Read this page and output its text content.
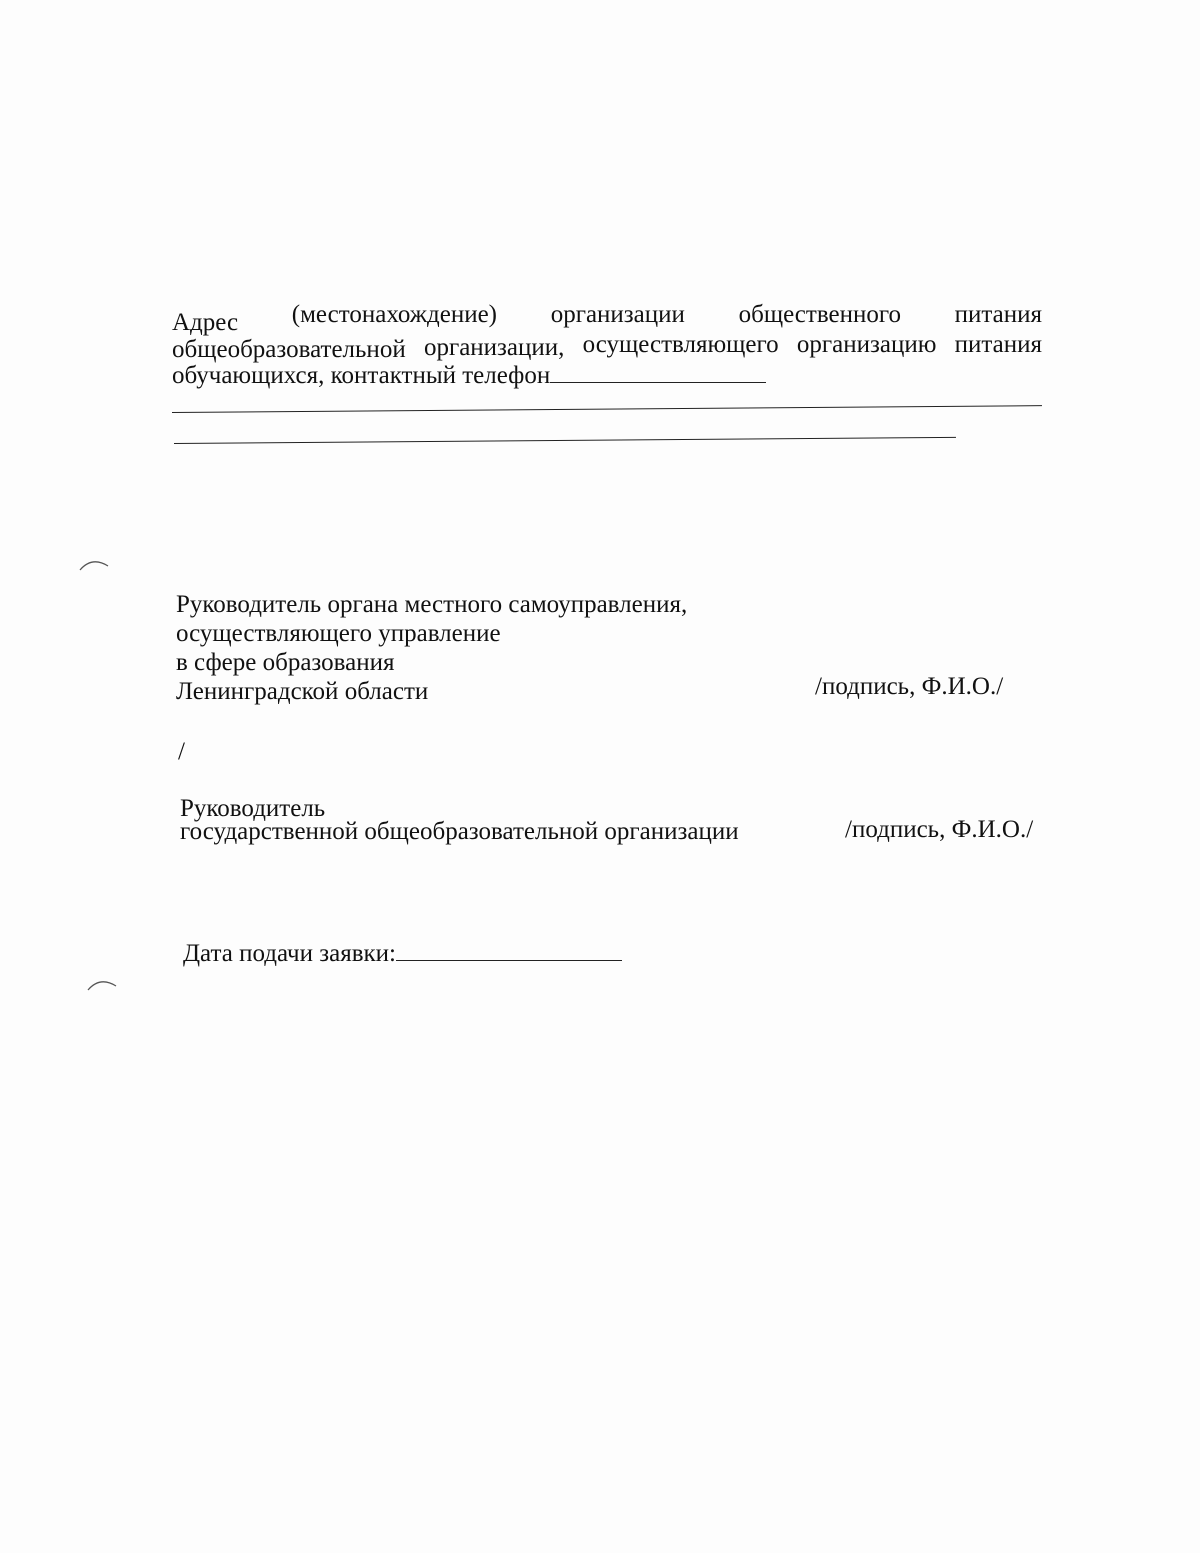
Адрес (местонахождение) организации общественного питания
общеобразовательной организации, осуществляющего организацию питания
обучающихся, контактный телефон
Руководитель органа местного самоуправления,
осуществляющего управление
в сфере образования
Ленинградской области	/подпись, Ф.И.О./
/
Руководитель
государственной общеобразовательной организации	/подпись, Ф.И.О./
Дата подачи заявки:
